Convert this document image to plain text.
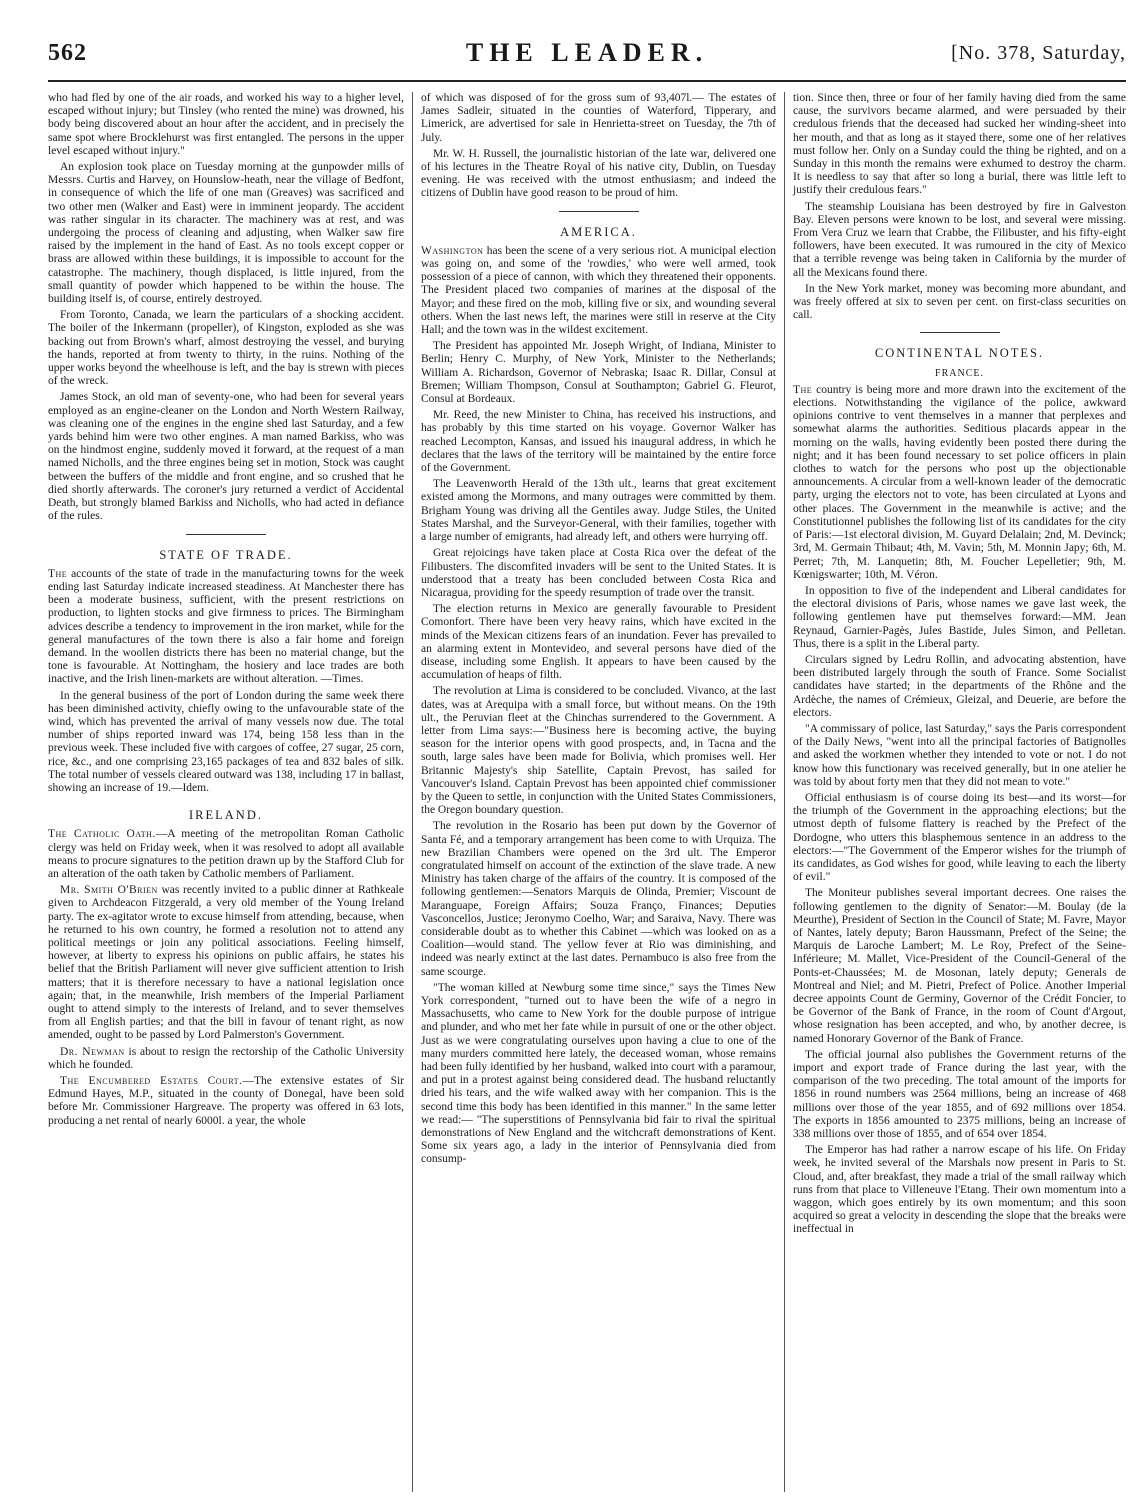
562	THE LEADER.	[No. 378, Saturday,

who had fled by one of the air roads, and worked his way to a higher level, escaped without injury; but Tinsley (who rented the mine) was drowned, his body being discovered about an hour after the accident, and in precisely the same spot where Brocklehurst was first entangled. The persons in the upper level escaped without injury."

An explosion took place on Tuesday morning at the gunpowder mills of Messrs. Curtis and Harvey, on Hounslow-heath, near the village of Bedfont, in consequence of which the life of one man (Greaves) was sacrificed and two other men (Walker and East) were in imminent jeopardy. The accident was rather singular in its character. The machinery was at rest, and was undergoing the process of cleaning and adjusting, when Walker saw fire raised by the implement in the hand of East. As no tools except copper or brass are allowed within these buildings, it is impossible to account for the catastrophe. The machinery, though displaced, is little injured, from the small quantity of powder which happened to be within the house. The building itself is, of course, entirely destroyed.

From Toronto, Canada, we learn the particulars of a shocking accident. The boiler of the Inkermann (propeller), of Kingston, exploded as she was backing out from Brown's wharf, almost destroying the vessel, and burying the hands, reported at from twenty to thirty, in the ruins. Nothing of the upper works beyond the wheelhouse is left, and the bay is strewn with pieces of the wreck.

James Stock, an old man of seventy-one, who had been for several years employed as an engine-cleaner on the London and North Western Railway, was cleaning one of the engines in the engine shed last Saturday, and a few yards behind him were two other engines. A man named Barkiss, who was on the hindmost engine, suddenly moved it forward, at the request of a man named Nicholls, and the three engines being set in motion, Stock was caught between the buffers of the middle and front engine, and so crushed that he died shortly afterwards. The coroner's jury returned a verdict of Accidental Death, but strongly blamed Barkiss and Nicholls, who had acted in defiance of the rules.

STATE OF TRADE.

The accounts of the state of trade in the manufacturing towns for the week ending last Saturday indicate increased steadiness. At Manchester there has been a moderate business, sufficient, with the present restrictions on production, to lighten stocks and give firmness to prices. The Birmingham advices describe a tendency to improvement in the iron market, while for the general manufactures of the town there is also a fair home and foreign demand. In the woollen districts there has been no material change, but the tone is favourable. At Nottingham, the hosiery and lace trades are both inactive, and the Irish linen-markets are without alteration. —Times.

In the general business of the port of London during the same week there has been diminished activity, chiefly owing to the unfavourable state of the wind, which has prevented the arrival of many vessels now due. The total number of ships reported inward was 174, being 158 less than in the previous week. These included five with cargoes of coffee, 27 sugar, 25 corn, rice, &c., and one comprising 23,165 packages of tea and 832 bales of silk. The total number of vessels cleared outward was 138, including 17 in ballast, showing an increase of 19.—Idem.

IRELAND.

The Catholic Oath.—A meeting of the metropolitan Roman Catholic clergy was held on Friday week, when it was resolved to adopt all available means to procure signatures to the petition drawn up by the Stafford Club for an alteration of the oath taken by Catholic members of Parliament.

Mr. Smith O'Brien was recently invited to a public dinner at Rathkeale given to Archdeacon Fitzgerald, a very old member of the Young Ireland party. The ex-agitator wrote to excuse himself from attending, because, when he returned to his own country, he formed a resolution not to attend any political meetings or join any political associations. Feeling himself, however, at liberty to express his opinions on public affairs, he states his belief that the British Parliament will never give sufficient attention to Irish matters; that it is therefore necessary to have a national legislation once again; that, in the meanwhile, Irish members of the Imperial Parliament ought to attend simply to the interests of Ireland, and to sever themselves from all English parties; and that the bill in favour of tenant right, as now amended, ought to be passed by Lord Palmerston's Government.

Dr. Newman is about to resign the rectorship of the Catholic University which he founded.

The Encumbered Estates Court.—The extensive estates of Sir Edmund Hayes, M.P., situated in the county of Donegal, have been sold before Mr. Commissioner Hargreave. The property was offered in 63 lots, producing a net rental of nearly 6000l. a year, the whole

of which was disposed of for the gross sum of 93,407l.— The estates of James Sadleir, situated in the counties of Waterford, Tipperary, and Limerick, are advertised for sale in Henrietta-street on Tuesday, the 7th of July.

Mr. W. H. Russell, the journalistic historian of the late war, delivered one of his lectures in the Theatre Royal of his native city, Dublin, on Tuesday evening. He was received with the utmost enthusiasm; and indeed the citizens of Dublin have good reason to be proud of him.

AMERICA.

Washington has been the scene of a very serious riot. A municipal election was going on, and some of the 'rowdies,' who were well armed, took possession of a piece of cannon, with which they threatened their opponents. The President placed two companies of marines at the disposal of the Mayor; and these fired on the mob, killing five or six, and wounding several others. When the last news left, the marines were still in reserve at the City Hall; and the town was in the wildest excitement.

The President has appointed Mr. Joseph Wright, of Indiana, Minister to Berlin; Henry C. Murphy, of New York, Minister to the Netherlands; William A. Richardson, Governor of Nebraska; Isaac R. Dillar, Consul at Bremen; William Thompson, Consul at Southampton; Gabriel G. Fleurot, Consul at Bordeaux.

Mr. Reed, the new Minister to China, has received his instructions, and has probably by this time started on his voyage. Governor Walker has reached Lecompton, Kansas, and issued his inaugural address, in which he declares that the laws of the territory will be maintained by the entire force of the Government.

The Leavenworth Herald of the 13th ult., learns that great excitement existed among the Mormons, and many outrages were committed by them. Brigham Young was driving all the Gentiles away. Judge Stiles, the United States Marshal, and the Surveyor-General, with their families, together with a large number of emigrants, had already left, and others were hurrying off.

Great rejoicings have taken place at Costa Rica over the defeat of the Filibusters. The discomfited invaders will be sent to the United States. It is understood that a treaty has been concluded between Costa Rica and Nicaragua, providing for the speedy resumption of trade over the transit.

The election returns in Mexico are generally favourable to President Comonfort. There have been very heavy rains, which have excited in the minds of the Mexican citizens fears of an inundation. Fever has prevailed to an alarming extent in Montevideo, and several persons have died of the disease, including some English. It appears to have been caused by the accumulation of heaps of filth.

The revolution at Lima is considered to be concluded. Vivanco, at the last dates, was at Arequipa with a small force, but without means. On the 19th ult., the Peruvian fleet at the Chinchas surrendered to the Government. A letter from Lima says:—"Business here is becoming active, the buying season for the interior opens with good prospects, and, in Tacna and the south, large sales have been made for Bolivia, which promises well. Her Britannic Majesty's ship Satellite, Captain Prevost, has sailed for Vancouver's Island. Captain Prevost has been appointed chief commissioner by the Queen to settle, in conjunction with the United States Commissioners, the Oregon boundary question.

The revolution in the Rosario has been put down by the Governor of Santa Fé, and a temporary arrangement has been come to with Urquiza. The new Brazilian Chambers were opened on the 3rd ult. The Emperor congratulated himself on account of the extinction of the slave trade. A new Ministry has taken charge of the affairs of the country. It is composed of the following gentlemen:—Senators Marquis de Olinda, Premier; Viscount de Maranguape, Foreign Affairs; Souza Franço, Finances; Deputies Vasconcellos, Justice; Jeronymo Coelho, War; and Saraiva, Navy. There was considerable doubt as to whether this Cabinet —which was looked on as a Coalition—would stand. The yellow fever at Rio was diminishing, and indeed was nearly extinct at the last dates. Pernambuco is also free from the same scourge.

"The woman killed at Newburg some time since," says the Times New York correspondent, "turned out to have been the wife of a negro in Massachusetts, who came to New York for the double purpose of intrigue and plunder, and who met her fate while in pursuit of one or the other object. Just as we were congratulating ourselves upon having a clue to one of the many murders committed here lately, the deceased woman, whose remains had been fully identified by her husband, walked into court with a paramour, and put in a protest against being considered dead. The husband reluctantly dried his tears, and the wife walked away with her companion. This is the second time this body has been identified in this manner." In the same letter we read:— "The superstitions of Pennsylvania bid fair to rival the spiritual demonstrations of New England and the witchcraft demonstrations of Kent. Some six years ago, a lady in the interior of Pennsylvania died from consump-

tion. Since then, three or four of her family having died from the same cause, the survivors became alarmed, and were persuaded by their credulous friends that the deceased had sucked her winding-sheet into her mouth, and that as long as it stayed there, some one of her relatives must follow her. Only on a Sunday could the thing be righted, and on a Sunday in this month the remains were exhumed to destroy the charm. It is needless to say that after so long a burial, there was little left to justify their credulous fears."

The steamship Louisiana has been destroyed by fire in Galveston Bay. Eleven persons were known to be lost, and several were missing. From Vera Cruz we learn that Crabbe, the Filibuster, and his fifty-eight followers, have been executed. It was rumoured in the city of Mexico that a terrible revenge was being taken in California by the murder of all the Mexicans found there.

In the New York market, money was becoming more abundant, and was freely offered at six to seven per cent. on first-class securities on call.

CONTINENTAL NOTES.
FRANCE.

The country is being more and more drawn into the excitement of the elections. Notwithstanding the vigilance of the police, awkward opinions contrive to vent themselves in a manner that perplexes and somewhat alarms the authorities. Seditious placards appear in the morning on the walls, having evidently been posted there during the night; and it has been found necessary to set police officers in plain clothes to watch for the persons who post up the objectionable announcements. A circular from a well-known leader of the democratic party, urging the electors not to vote, has been circulated at Lyons and other places. The Government in the meanwhile is active; and the Constitutionnel publishes the following list of its candidates for the city of Paris:—1st electoral division, M. Guyard Delalain; 2nd, M. Devinck; 3rd, M. Germain Thibaut; 4th, M. Vavin; 5th, M. Monnin Japy; 6th, M. Perret; 7th, M. Lanquetin; 8th, M. Foucher Lepelletier; 9th, M. Kœnigswarter; 10th, M. Véron.

In opposition to five of the independent and Liberal candidates for the electoral divisions of Paris, whose names we gave last week, the following gentlemen have put themselves forward:—MM. Jean Reynaud, Garnier-Pagès, Jules Bastide, Jules Simon, and Pelletan. Thus, there is a split in the Liberal party.

Circulars signed by Ledru Rollin, and advocating abstention, have been distributed largely through the south of France. Some Socialist candidates have started; in the departments of the Rhône and the Ardèche, the names of Crémieux, Gleizal, and Deuerie, are before the electors.

"A commissary of police, last Saturday," says the Paris correspondent of the Daily News, "went into all the principal factories of Batignolles and asked the workmen whether they intended to vote or not. I do not know how this functionary was received generally, but in one atelier he was told by about forty men that they did not mean to vote."

Official enthusiasm is of course doing its best—and its worst—for the triumph of the Government in the approaching elections; but the utmost depth of fulsome flattery is reached by the Prefect of the Dordogne, who utters this blasphemous sentence in an address to the electors:—"The Government of the Emperor wishes for the triumph of its candidates, as God wishes for good, while leaving to each the liberty of evil."

The Moniteur publishes several important decrees. One raises the following gentlemen to the dignity of Senator:—M. Boulay (de la Meurthe), President of Section in the Council of State; M. Favre, Mayor of Nantes, lately deputy; Baron Haussmann, Prefect of the Seine; the Marquis de Laroche Lambert; M. Le Roy, Prefect of the Seine-Inférieure; M. Mallet, Vice-President of the Council-General of the Ponts-et-Chaussées; M. de Mosonan, lately deputy; Generals de Montreal and Niel; and M. Pietri, Prefect of Police. Another Imperial decree appoints Count de Germiny, Governor of the Crédit Foncier, to be Governor of the Bank of France, in the room of Count d'Argout, whose resignation has been accepted, and who, by another decree, is named Honorary Governor of the Bank of France.

The official journal also publishes the Government returns of the import and export trade of France during the last year, with the comparison of the two preceding. The total amount of the imports for 1856 in round numbers was 2564 millions, being an increase of 468 millions over those of the year 1855, and of 692 millions over 1854. The exports in 1856 amounted to 2375 millions, being an increase of 338 millions over those of 1855, and of 654 over 1854.

The Emperor has had rather a narrow escape of his life. On Friday week, he invited several of the Marshals now present in Paris to St. Cloud, and, after breakfast, they made a trial of the small railway which runs from that place to Villeneuve l'Etang. Their own momentum into a waggon, which goes entirely by its own momentum; and this soon acquired so great a velocity in descending the slope that the breaks were ineffectual in
